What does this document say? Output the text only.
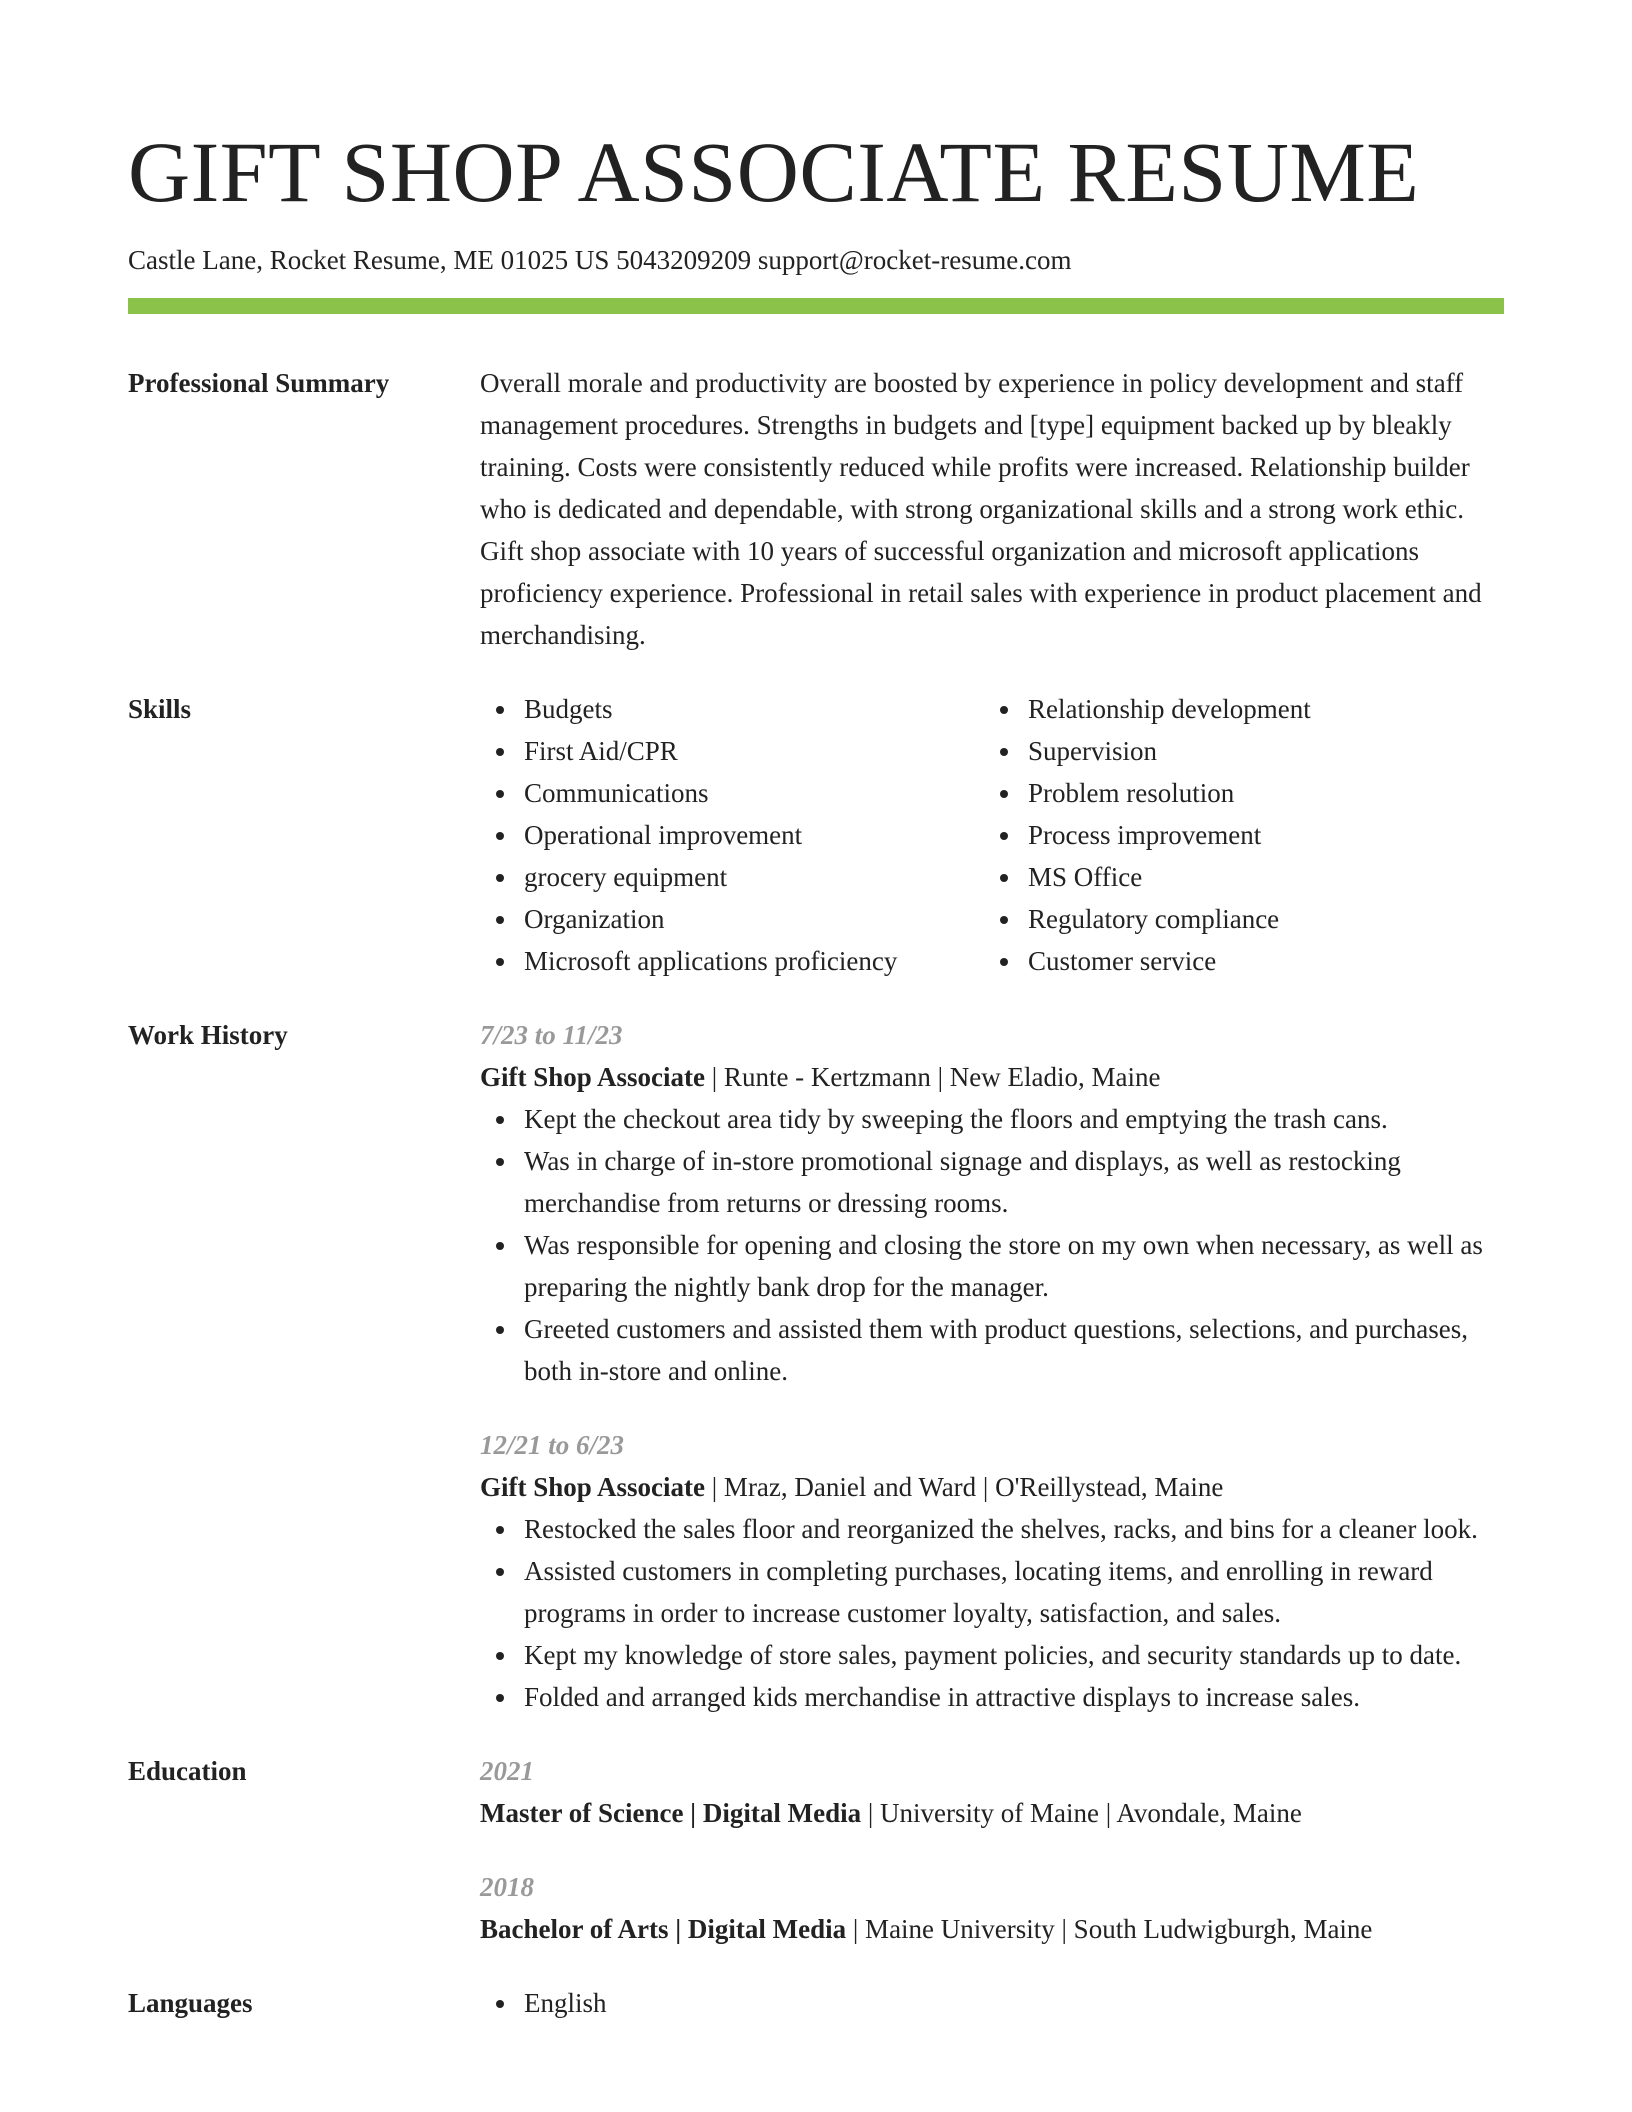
GIFT SHOP ASSOCIATE RESUME
Castle Lane, Rocket Resume, ME 01025 US 5043209209 support@rocket-resume.com
Professional Summary	Overall morale and productivity are boosted by experience in policy development and staff management procedures. Strengths in budgets and [type] equipment backed up by bleakly training. Costs were consistently reduced while profits were increased. Relationship builder who is dedicated and dependable, with strong organizational skills and a strong work ethic. Gift shop associate with 10 years of successful organization and microsoft applications proficiency experience. Professional in retail sales with experience in product placement and merchandising.

Skills	Budgets
First Aid/CPR
Communications
Operational improvement
grocery equipment
Organization
Microsoft applications proficiency
Relationship development
Supervision
Problem resolution
Process improvement
MS Office
Regulatory compliance
Customer service
Work History	7/23 to 11/23
Gift Shop Associate | Runte - Kertzmann | New Eladio, Maine
Kept the checkout area tidy by sweeping the floors and emptying the trash cans.
Was in charge of in-store promotional signage and displays, as well as restocking merchandise from returns or dressing rooms.
Was responsible for opening and closing the store on my own when necessary, as well as preparing the nightly bank drop for the manager.
Greeted customers and assisted them with product questions, selections, and purchases, both in-store and online.
12/21 to 6/23
Gift Shop Associate | Mraz, Daniel and Ward | O'Reillystead, Maine
Restocked the sales floor and reorganized the shelves, racks, and bins for a cleaner look.
Assisted customers in completing purchases, locating items, and enrolling in reward programs in order to increase customer loyalty, satisfaction, and sales.
Kept my knowledge of store sales, payment policies, and security standards up to date.
Folded and arranged kids merchandise in attractive displays to increase sales.
Education	2021
Master of Science | Digital Media | University of Maine | Avondale, Maine
2018
Bachelor of Arts | Digital Media | Maine University | South Ludwigburgh, Maine
Languages	English
